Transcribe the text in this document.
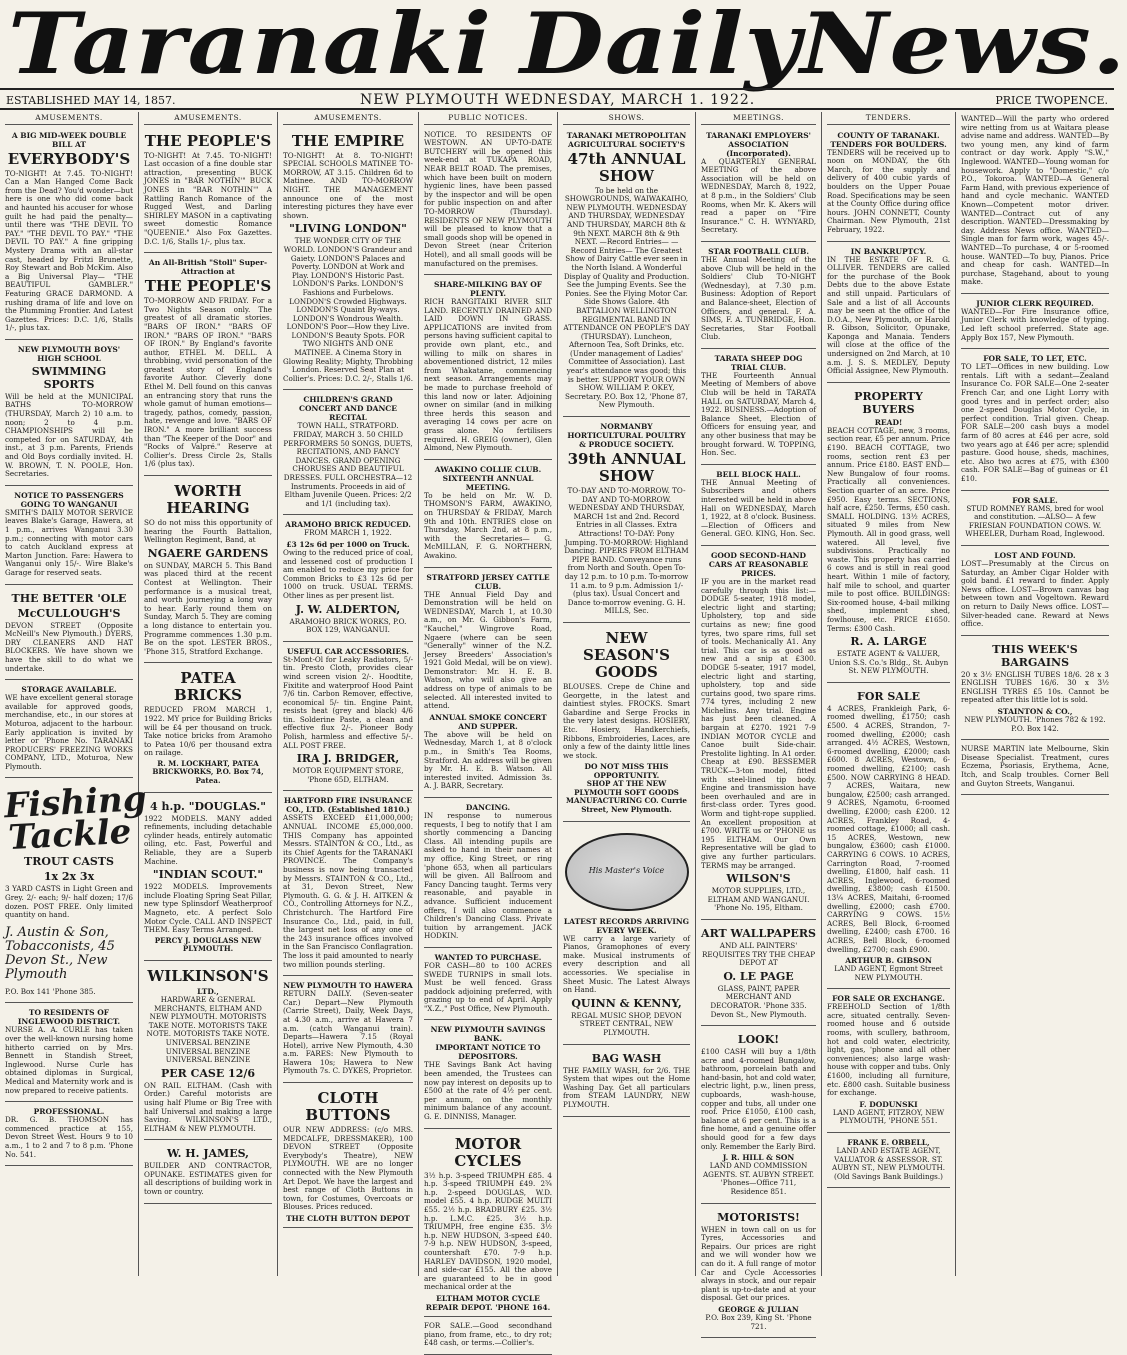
Taranaki Daily
News.
ESTABLISHED MAY 14, 1857.	NEW PLYMOUTH WEDNESDAY, MARCH 1. 1922.	PRICE TWOPENCE.
AMUSEMENTS.
A BIG MID-WEEK DOUBLE BILL AT
EVERYBODY'S

TO-NIGHT! At 7.45. TO-NIGHT! Can a Man Hanged Come Back from the Dead? You'd wonder—but here is one who did come back and haunted his accuser for whose guilt he had paid the penalty—until there was "THE DEVIL TO PAY." "THE DEVIL TO PAY." "THE DEVIL TO PAY." A fine gripping Mystery Drama with an all-star cast, headed by Fritzi Brunette, Roy Stewart and Bob McKim. Also a Big Universal Play— "THE BEAUTIFUL GAMBLER." Featuring GRACE DARMOND. A rushing drama of life and love on the Plumming Frontier. And Latest Gazettes. Prices: D.C. 1/6, Stalls 1/-, plus tax.

NEW PLYMOUTH BOYS' HIGH SCHOOL
SWIMMING SPORTS

Will be held at the MUNICIPAL BATHS TO-MORROW (THURSDAY, March 2) 10 a.m. to noon; 2 to 4 p.m. CHAMPIONSHIPS will be competed for on SATURDAY, 4th inst., at 3 p.m. Parents, Friends and Old Boys cordially invited. H. W. BROWN, T. N. POOLE, Hon. Secretaries.

NOTICE TO PASSENGERS GOING TO WANGANUI

SMITH'S DAILY MOTOR SERVICE leaves Blake's Garage, Hawera, at 1 p.m., arrives Wanganui 3.30 p.m.; connecting with motor cars to catch Auckland express at Marton Junction. Fare: Hawera to Wanganui only 15/-. Wire Blake's Garage for reserved seats.

THE BETTER 'OLE
McCULLOUGH'S

DEVON STREET (Opposite McNeill's New Plymouth.) DYERS, DRY CLEANERS AND HAT BLOCKERS. We have shown we have the skill to do what we undertake.

STORAGE AVAILABLE.

WE have excellent general storage available for approved goods, merchandise, etc., in our stores at Moturoa, adjacent to the harbour. Early application is invited by letter or 'Phone No. TARANAKI PRODUCERS' FREEZING WORKS COMPANY, LTD., Moturoa, New Plymouth.

Fishing Tackle
TROUT CASTS
1x 2x 3x

3 YARD CASTS in Light Green and Grey. 2/- each; 9/- half dozen; 17/6 dozen. POST FREE. Only limited quantity on hand.

J. Austin & Son, Tobacconists, 45 Devon St., New Plymouth

P.O. Box 141 'Phone 385.

TO RESIDENTS OF INGLEWOOD DISTRICT.

NURSE A. A. CURLE has taken over the well-known nursing home hitherto carried on by Mrs. Bennett in Standish Street, Inglewood. Nurse Curle has obtained diplomas in Surgical, Medical and Maternity work and is now prepared to receive patients.

PROFESSIONAL.

DR. G. B. THOMSON has commenced practice at 155, Devon Street West. Hours 9 to 10 a.m., 1 to 2 and 7 to 8 p.m. 'Phone No. 541.

AMUSEMENTS.
THE PEOPLE'S

TO-NIGHT! At 7.45. TO-NIGHT! Last occasion of a fine double star attraction, presenting BUCK JONES in "BAR NOTHIN'" BUCK JONES in "BAR NOTHIN'" A Rattling Ranch Romance of the Rugged West, and Darling SHIRLEY MASON in a captivating sweet domestic Romance "QUEENIE." Also Fox Gazettes. D.C. 1/6, Stalls 1/-, plus tax.

An All-British "Stoll" Super-Attraction at
THE PEOPLE'S

TO-MORROW AND FRIDAY. For a Two Nights Season only. The greatest of all dramatic stories. "BARS OF IRON." "BARS OF IRON." "BARS OF IRON." "BARS OF IRON." By England's favorite author, ETHEL M. DELL. A throbbing, vivid personation of the greatest story of England's favorite Author. Cleverly done Ethel M. Dell found on this canvas an entrancing story that runs the whole gamut of human emotions—tragedy, pathos, comedy, passion, hate, revenge and love. "BARS OF IRON." A more brilliant success than "The Keeper of the Door" and "Rocks of Valpré." Reserve at Collier's. Dress Circle 2s, Stalls 1/6 (plus tax).

WORTH HEARING

SO do not miss this opportunity of hearing the Fourth Battalion, Wellington Regiment, Band, at

NGAERE GARDENS

on SUNDAY, MARCH 5. This Band was placed third at the recent Contest at Wellington. Their performance is a musical treat, and worth journeying a long way to hear. Early round them on Sunday, March 5. They are coming a long distance to entertain you. Programme commences 1.30 p.m. Be on the spot. LESTER BROS., 'Phone 315, Stratford Exchange.

PATEA BRICKS

REDUCED FROM MARCH 1, 1922. MY price for Building Bricks will be £4 per thousand on truck. Take notice bricks from Aramoho to Patea 10/6 per thousand extra on railage.

R. M. LOCKHART, PATEA BRICKWORKS, P.O. Box 74, Patea.

4 h.p. "DOUGLAS."

1922 MODELS. MANY added refinements, including detachable cylinder heads, entirely automatic oiling, etc. Fast, Powerful and Reliable, they are a Superb Machine.

"INDIAN SCOUT."

1922 MODELS. Improvements include Floating Spring Seat Pillar, new type Splinsdorf Weatherproof Magneto, etc. A perfect Solo Motor Cycle. CALL AND INSPECT THEM. Easy Terms Arranged.

PERCY J. DOUGLASS NEW PLYMOUTH.

WILKINSON'S
LTD.,

HARDWARE & GENERAL MERCHANTS, ELTHAM AND NEW PLYMOUTH. MOTORISTS TAKE NOTE. MOTORISTS TAKE NOTE. MOTORISTS TAKE NOTE. UNIVERSAL BENZINE UNIVERSAL BENZINE UNIVERSAL BENZINE

PER CASE 12/6

ON RAIL ELTHAM. (Cash with Order.) Careful motorists are using half Plume or Big Tree with half Universal and making a large Saving. WILKINSON'S LTD., ELTHAM & NEW PLYMOUTH.

W. H. JAMES,

BUILDER AND CONTRACTOR, OPUNAKE. ESTIMATES given for all descriptions of building work in town or country.

AMUSEMENTS.
THE EMPIRE

TO-NIGHT! At 8. TO-NIGHT! SPECIAL SCHOOLS MATINEE TO-MORROW, AT 3.15. Children 6d to Matinee. AND TO-MORROW NIGHT. THE MANAGEMENT announce one of the most interesting pictures they have ever shown.

"LIVING LONDON"

THE WONDER CITY OF THE WORLD. LONDON'S Grandeur and Gaiety. LONDON'S Palaces and Poverty. LONDON at Work and Play. LONDON'S Historic Past. LONDON'S Parks. LONDON'S Fashions and Furbelows. LONDON'S Crowded Highways. LONDON'S Quaint By-ways. LONDON'S Wondrous Wealth. LONDON'S Poor—How they Live. LONDON'S Beauty Spots. FOR TWO NIGHTS AND ONE MATINEE. A Cinema Story in Glowing Reality; Mighty, Throbbing London. Reserved Seat Plan at Collier's. Prices: D.C. 2/-, Stalls 1/6.

CHILDREN'S GRAND CONCERT AND DANCE RECITAL

TOWN HALL, STRATFORD. FRIDAY, MARCH 3. 50 CHILD PERFORMERS 50 SONGS, DUETS, RECITATIONS, AND FANCY DANCES. GRAND OPENING CHORUSES AND BEAUTIFUL DRESSES. FULL ORCHESTRA—12 Instruments. Proceeds in aid of Eltham Juvenile Queen. Prices: 2/2 and 1/1 (including tax).

ARAMOHO BRICK REDUCED.

FROM MARCH 1, 1922.

£3 12s 6d per 1000 on Truck.

Owing to the reduced price of coal, and lessened cost of production I am enabled to reduce my price for Common Bricks to £3 12s 6d per 1000 on truck. USUAL TERMS. Other lines as per present list.

J. W. ALDERTON,

ARAMOHO BRICK WORKS, P.O. BOX 129, WANGANUI.

USEFUL CAR ACCESSORIES.

St-Mont-Ol for Leaky Radiators, 5/- tin. Presto Cloth, provides clear wind screen vision 2/-. Hoodtite, Fixitite and waterproof Hood Paint 7/6 tin. Carbon Remover, effective, economical 5/- tin. Engine Paint, resists heat (grey and black) 4/6 tin. Solderine Paste, a clean and effective flux 2/-. Pioneer Body Polish, harmless and effective 5/-. ALL POST FREE.

IRA J. BRIDGER,

MOTOR EQUIPMENT STORE, 'Phone 65D, ELTHAM.

HARTFORD FIRE INSURANCE CO., LTD. (Established 1810.)

ASSETS EXCEED £11,000,000; ANNUAL INCOME £5,000,000. THIS Company has appointed Messrs. STAINTON & CO., Ltd., as its Chief Agents for the TARANAKI PROVINCE. The Company's business is now being transacted by Messrs. STAINTON & CO., Ltd., at 31, Devon Street, New Plymouth. G. G. & J. H. AITKEN & CO., Controlling Attorneys for N.Z., Christchurch. The Hartford Fire Insurance Co., Ltd., paid, in full, the largest net loss of any one of the 243 insurance offices involved in the San Francisco Conflagration. The loss it paid amounted to nearly two million pounds sterling.

NEW PLYMOUTH TO HAWERA

RETURN DAILY. (Seven-seater Car.) Depart—New Plymouth (Carrie Street), Daily, Week Days, at 4.30 a.m., arrive at Hawera 7 a.m. (catch Wanganui train). Departs—Hawera 7.15 (Royal Hotel), arrive New Plymouth, 4.30 a.m. FARES: New Plymouth to Hawera 10s; Hawera to New Plymouth 7s. C. DYKES, Proprietor.

CLOTH BUTTONS

OUR NEW ADDRESS: (c/o MRS. MEDCALFE, DRESSMAKER), 100 DEVON STREET (Opposite Everybody's Theatre), NEW PLYMOUTH. WE are no longer connected with the New Plymouth Art Depot. We have the largest and best range of Cloth Buttons in town, for Costumes, Overcoats or Blouses. Prices reduced.

THE CLOTH BUTTON DEPOT
PUBLIC NOTICES.

NOTICE. TO RESIDENTS OF WESTOWN. AN UP-TO-DATE BUTCHERY will be opened this week-end at TUKAPA ROAD, NEAR BELT ROAD. The premises, which have been built on modern hygienic lines, have been passed by the inspector and will be open for public inspection on and after TO-MORROW (Thursday). RESIDENTS OF NEW PLYMOUTH will be pleased to know that a small goods shop will be opened in Devon Street (near Criterion Hotel), and all small goods will be manufactured on the premises.

SHARE-MILKING BAY OF PLENTY.

RICH RANGITAIKI RIVER SILT LAND. RECENTLY DRAINED AND LAID DOWN IN GRASS. APPLICATIONS are invited from persons having sufficient capital to provide own plant, etc., and willing to milk on shares in abovementioned district, 12 miles from Whakatane, commencing next season. Arrangements may be made to purchase freehold of this land now or later. Adjoining owner on similar (and in milking three herds this season and averaging 14 cows per acre on grass alone. No fertilisers required. H. GREIG (owner), Glen Almond, New Plymouth.

AWAKINO COLLIE CLUB.
SIXTEENTH ANNUAL MEETING.

To be held on Mr. W. D. THOMSON'S FARM, AWAKINO, on THURSDAY & FRIDAY, March 9th and 10th. ENTRIES close on Thursday, March 2nd, at 8 p.m., with the Secretaries— G. McMILLAN, F. G. NORTHERN, Awakino.

STRATFORD JERSEY CATTLE CLUB.

THE Annual Field Day and Demonstration will be held on WEDNESDAY, March 1, at 10.30 a.m., on Mr. G. Gibbon's Farm, "Kauchel," Wingrove Road, Ngaere (where can be seen "Generally" winner of the N.Z. Jersey Breeders' Association's 1921 Gold Medal, will be on view). Demonstrator: Mr. H. E. B. Watson, who will also give an address on type of animals to be selected. All interested invited to attend.

ANNUAL SMOKE CONCERT AND SUPPER.

The above will be held on Wednesday, March 1, at 8 o'clock p.m., in Smith's Tea Rooms, Stratford. An address will be given by Mr. H. E. B. Watson. All interested invited. Admission 3s. A. J. BARR, Secretary.

DANCING.

IN response to numerous requests, I beg to notify that I am shortly commencing a Dancing Class. All intending pupils are asked to hand in their names at my office, King Street, or ring 'phone 653, when all particulars will be given. All Ballroom and Fancy Dancing taught. Terms very reasonable, and payable in advance. Sufficient inducement offers, I will also commence a Children's Dancing Class. Private tuition by arrangement. JACK HODKIN.

WANTED TO PURCHASE.

FOR CASH—80 to 100 ACRES SWEDE TURNIPS in small lots. Must be well fenced. Grass paddock adjoining preferred, with grazing up to end of April. Apply "X.Z.," Post Office, New Plymouth.

NEW PLYMOUTH SAVINGS BANK.
IMPORTANT NOTICE TO DEPOSITORS.

THE Savings Bank Act having been amended, the Trustees can now pay interest on deposits up to £500 at the rate of 4½ per cent. per annum, on the monthly minimum balance of any account. G. E. DINNISS, Manager.

MOTOR CYCLES

3½ h.p. 3-speed TRIUMPH £85. 4 h.p. 3-speed TRIUMPH £49. 2¾ h.p. 2-speed DOUGLAS, W.D. model £55. 4 h.p. RUDGE MULTI £55. 2½ h.p. BRADBURY £25. 3½ h.p. L.M.C. £25. 3½ h.p. TRIUMPH, free engine £35. 3½ h.p. NEW HUDSON, 3-speed £40. 7-9 h.p. NEW HUDSON, 3-speed, countershaft £70. 7-9 h.p. HARLEY DAVIDSON, 1920 model, and side-car £155. All the above are guaranteed to be in good mechanical order at the

ELTHAM MOTOR CYCLE REPAIR DEPOT. 'PHONE 164.

FOR SALE.—Good secondhand piano, from frame, etc., to dry rot; £48 cash, or terms.—Collier's.

SHOWS.
TARANAKI METROPOLITAN AGRICULTURAL SOCIETY'S
47th ANNUAL SHOW

To be held on the SHOWGROUNDS, WAIWAKAIHO, NEW PLYMOUTH. WEDNESDAY AND THURSDAY, WEDNESDAY AND THURSDAY, MARCH 8th & 9th NEXT. MARCH 8th & 9th NEXT. —Record Entries— —Record Entries— The Greatest Show of Dairy Cattle ever seen in the North Island. A Wonderful Display of Quality and Production. See the Jumping Events. See the Ponies. See the Flying Motor Car. Side Shows Galore. 4th BATTALION WELLINGTON REGIMENTAL BAND IN ATTENDANCE ON PEOPLE'S DAY (THURSDAY). Luncheon, Afternoon Tea, Soft Drinks, etc. (Under management of Ladies' Committee of Association). Last year's attendance was good; this is better. SUPPORT YOUR OWN SHOW. WILLIAM P. OKEY, Secretary. P.O. Box 12, 'Phone 87, New Plymouth.

NORMANBY HORTICULTURAL POULTRY & PRODUCE SOCIETY.
39th ANNUAL SHOW

TO-DAY AND TO-MORROW. TO-DAY AND TO-MORROW. WEDNESDAY AND THURSDAY, MARCH 1st and 2nd. Record Entries in all Classes. Extra Attractions! TO-DAY: Pony Jumping. TO-MORROW: Highland Dancing. PIPERS FROM ELTHAM PIPE BAND. Conveyance runs from North and South. Open To-day 12 p.m. to 10 p.m. To-morrow 11 a.m. to 9 p.m. Admission 1/- (plus tax). Usual Concert and Dance to-morrow evening. G. H. MILLS, Sec.

NEW SEASON'S GOODS

BLOUSES. Crepe de Chine and Georgette, in the latest and daintiest styles. FROCKS. Smart Gabardine and Serge Frocks in the very latest designs. HOSIERY, Etc. Hosiery, Handkerchiefs, Ribbons, Embroideries, Laces, are only a few of the dainty little lines we stock.

DO NOT MISS THIS OPPORTUNITY.

SHOP AT THE NEW PLYMOUTH SOFT GOODS MANUFACTURING CO. Currie Street, New Plymouth.

His Master's Voice
LATEST RECORDS ARRIVING EVERY WEEK.

WE carry a large variety of Pianos, Gramophones of every make. Musical instruments of every description and all accessories. We specialise in Sheet Music. The Latest Always on Hand.

QUINN & KENNY,

REGAL MUSIC SHOP, DEVON STREET CENTRAL, NEW PLYMOUTH.

BAG WASH

THE FAMILY WASH, for 2/6. THE System that wipes out the Home Washing Day. Get all particulars from STEAM LAUNDRY, NEW PLYMOUTH.

MEETINGS.
TARANAKI EMPLOYERS' ASSOCIATION (Incorporated).

A QUARTERLY GENERAL MEETING of the above Association will be held on WEDNESDAY, March 8, 1922, at 8 p.m., in the Soldiers' Club Rooms, when Mr. K. Akers will read a paper on "Fire Insurance." C. H. WYNYARD, Secretary.

STAR FOOTBALL CLUB.

THE Annual Meeting of the above Club will be held in the Soldiers' Club TO-NIGHT (Wednesday), at 7.30 p.m. Business: Adoption of Report and Balance-sheet, Election of Officers, and general. F. A. SIMS, F. A. TUNBRIDGE, Hon. Secretaries, Star Football Club.

TARATA SHEEP DOG TRIAL CLUB.

THE Fourteenth Annual Meeting of Members of above Club will be held in TARATA HALL on SATURDAY, March 4, 1922. BUSINESS.—Adoption of Balance Sheet, Election of Officers for ensuing year, and any other business that may be brought forward. W. TOPPING, Hon. Sec.

BELL BLOCK HALL.

THE Annual Meeting of Subscribers and others interested will be held in above Hall on WEDNESDAY, March 1, 1922, at 8 o'clock. Business.—Election of Officers and General. GEO. KING, Hon. Sec.

GOOD SECOND-HAND CARS AT REASONABLE PRICES.

IF you are in the market read carefully through this list:— DODGE 5-seater, 1918 model, electric light and starting; Upholstery, top and side curtains as new; fine good tyres, two spare rims, full set of tools. Mechanically A1. Any trial. This car is as good as new and a snip at £300. DODGE 5-seater, 1917 model, electric light and starting, upholstery, top and side curtains good, two spare rims. 774 tyres, including 2 new Michelins. Any trial. Engine has just been cleaned. A bargain at £270. 1921 7-9 INDIAN MOTOR CYCLE and Canoe built Side-chair. Prestolite lighting. In A1 order. Cheap at £90. BESSEMER TRUCK—3-ton model, fitted with steel-lined tip body. Engine and transmission have been overhauled and are in first-class order. Tyres good. Worm and tight-rope supplied. An excellent proposition at £700. WRITE us or 'PHONE us 195 ELTHAM. Our Own Representative will be glad to give any further particulars. TERMS may be arranged.

WILSON'S

MOTOR SUPPLIES, LTD., ELTHAM AND WANGANUI. 'Phone No. 195, Eltham.

ART WALLPAPERS

AND ALL PAINTERS' REQUISITES TRY THE CHEAP DEPOT AT

O. LE PAGE

GLASS, PAINT, PAPER MERCHANT AND DECORATOR. 'Phone 335. Devon St., New Plymouth.

LOOK!

£100 CASH will buy a 1/8th acre and 4-roomed Bungalow, bathroom, porcelain bath and hand-basin, hot and cold water, electric light, p.w., linen press, cupboards, wash-house, copper and tubs, all under one roof. Price £1050, £100 cash, balance at 6 per cent. This is a fine home, and a genuine offer should good for a few days only. Remember the Early Bird.

J. R. HILL & SON

LAND AND COMMISSION AGENTS. ST. AUBYN STREET. 'Phones—Office 711, Residence 851.

MOTORISTS!

WHEN in town call on us for Tyres, Accessories and Repairs. Our prices are right and we will wonder how we can do it. A full range of motor Car and Cycle Accessories always in stock, and our repair plant is up-to-date and at your disposal. Get our prices.

GEORGE & JULIAN

P.O. Box 239, King St. 'Phone 721.

TENDERS.
COUNTY OF TARANAKI.
TENDERS FOR BOULDERS.

TENDERS will be received up to noon on MONDAY, the 6th March, for the supply and delivery of 400 cubic yards of boulders on the Upper Pouae Road. Specifications may be seen at the County Office during office hours. JOHN CONNETT, County Chairman. New Plymouth, 21st February, 1922.

IN BANKRUPTCY.

IN THE ESTATE OF R. G. OLLIVER. TENDERS are called for the purchase of the Book Debts due to the above Estate and still unpaid. Particulars of Sale and a list of all Accounts may be seen at the office of the D.O.A., New Plymouth, or Harold R. Gibson, Solicitor, Opunake, Kaponga and Manaia. Tenders will close at the office of the undersigned on 2nd March, at 10 a.m. J. S. S. MEDLEY, Deputy Official Assignee, New Plymouth.

PROPERTY BUYERS
READ!

BEACH COTTAGE, new, 3 rooms, section rear, £5 per annum. Price £190. BEACH COTTAGE, two rooms, section rent £3 per annum. Price £180. EAST END—New Bungalow of four rooms. Practically all conveniences. Section quarter of an acre. Price £950. Easy terms. SECTIONS, half acre, £250. Terms, £50 cash. SMALL HOLDING. 13½ ACRES, situated 9 miles from New Plymouth. All in good grass, well watered. All level, five subdivisions. Practically no waste. This property has carried 6 cows and is still in real good heart. Within 1 mile of factory, half mile to school, and quarter mile to post office. BUILDINGS: Six-roomed house, 4-bail milking shed, implement shed, fowlhouse, etc. PRICE £1650. Terms: £300 Cash.

R. A. LARGE

ESTATE AGENT & VALUER, Union S.S. Co.'s Bldg., St. Aubyn St. NEW PLYMOUTH.

FOR SALE

4 ACRES, Frankleigh Park, 6-roomed dwelling, £1750; cash £500. 4 ACRES, Strandon, 7-roomed dwelling, £2000; cash arranged. 4½ ACRES, Westown, 6-roomed dwelling, £2000; cash £600. 8 ACRES, Westown, 6-roomed dwelling, £2100; cash £500. NOW CARRYING 8 HEAD. 7 ACRES, Waitara, new bungalow, £2500; cash arranged. 9 ACRES, Ngamotu, 6-roomed dwelling, £2000; cash £200. 12 ACRES, Frankley Road, 4-roomed cottage, £1000; all cash. 15 ACRES, Westown, new bungalow, £3600; cash £1000. CARRYING 6 COWS. 10 ACRES, Carrington Road, 7-roomed dwelling, £1800, half cash. 11 ACRES, Inglewood, 6-roomed dwelling, £3800; cash £1500. 13¼ ACRES, Maitahi, 6-roomed dwelling, £2000; cash £700. CARRYING 9 COWS. 15½ ACRES, Bell Block, 6-roomed dwelling, £2400; cash £700. 16 ACRES, Bell Block, 6-roomed dwelling, £2700; cash £900.

ARTHUR B. GIBSON

LAND AGENT, Egmont Street NEW PLYMOUTH.

FOR SALE OR EXCHANGE.

FREEHOLD Section of 1/8th acre, situated centrally. Seven-roomed house and 6 outside rooms, with scullery, bathroom, hot and cold water, electricity, light, gas, 'phone and all other conveniences; also large wash-house with copper and tubs. Only £1600, including all furniture, etc. £800 cash. Suitable business for exchange.

F. DODUNSKI

LAND AGENT, FITZROY, NEW PLYMOUTH, 'PHONE 551.

FRANK E. ORBELL,

LAND AND ESTATE AGENT, VALUATOR & ASSESSOR. ST. AUBYN ST., NEW PLYMOUTH. (Old Savings Bank Buildings.)

WANTED—Will the party who ordered wire netting from us at Waitara please advise name and address. WANTED—By two young men, any kind of farm contract or day work. Apply "S.W.," Inglewood. WANTED—Young woman for housework. Apply to "Domestic," c/o P.O., Tokoroa. WANTED—A General Farm Hand, with previous experience of hand and cycle mechanic. WANTED Known—Competent motor driver. WANTED—Contract cut of any description. WANTED—Dressmaking by day. Address News office. WANTED—Single man for farm work, wages 45/-. WANTED—To purchase, 4 or 5-roomed house. WANTED—To buy, Pianos. Price and cheap for cash. WANTED—In purchase, Stagehand, about to young make.

JUNIOR CLERK REQUIRED.

WANTED—For Fire Insurance office, Junior Clerk with knowledge of typing. Led left school preferred. State age. Apply Box 157, New Plymouth.

FOR SALE, TO LET, ETC.

TO LET—Offices in new building. Low rentals. Lift with a sedant—Zealand Insurance Co. FOR SALE—One 2-seater French Car, and one Light Lorry with good tyres and in perfect order; also one 2-speed Douglas Motor Cycle, in perfect condition. Trial given. Cheap. FOR SALE—200 cash buys a model farm of 80 acres at £46 per acre, sold two years ago at £46 per acre; splendid pasture. Good house, sheds, machines, etc. Also two acres at £75, with £300 cash. FOR SALE—Bag of guineas or £1 £10.

FOR SALE.

STUD ROMNEY RAMS, bred for wool and constitution. —ALSO— A few FRIESIAN FOUNDATION COWS. W. WHEELER, Durham Road, Inglewood.

LOST AND FOUND.

LOST—Presumably at the Circus on Saturday, an Amber Cigar Holder with gold band. £1 reward to finder. Apply News office. LOST—Brown canvas bag between town and Vogeltown. Reward on return to Daily News office. LOST—Silver-headed cane. Reward at News office.

THIS WEEK'S BARGAINS

20 x 3½ ENGLISH TUBES 18/6. 28 x 3 ENGLISH TUBES 16/6. 30 x 3½ ENGLISH TYRES £5 10s. Cannot be repeated after this little lot is sold.

STAINTON & CO.,

NEW PLYMOUTH. 'Phones 782 & 192. P.O. Box 142.

NURSE MARTIN late Melbourne, Skin Disease Specialist. Treatment, cures Eczema, Psoriasis, Erythema, Acne, Itch, and Scalp troubles. Corner Bell and Guyton Streets, Wanganui.
